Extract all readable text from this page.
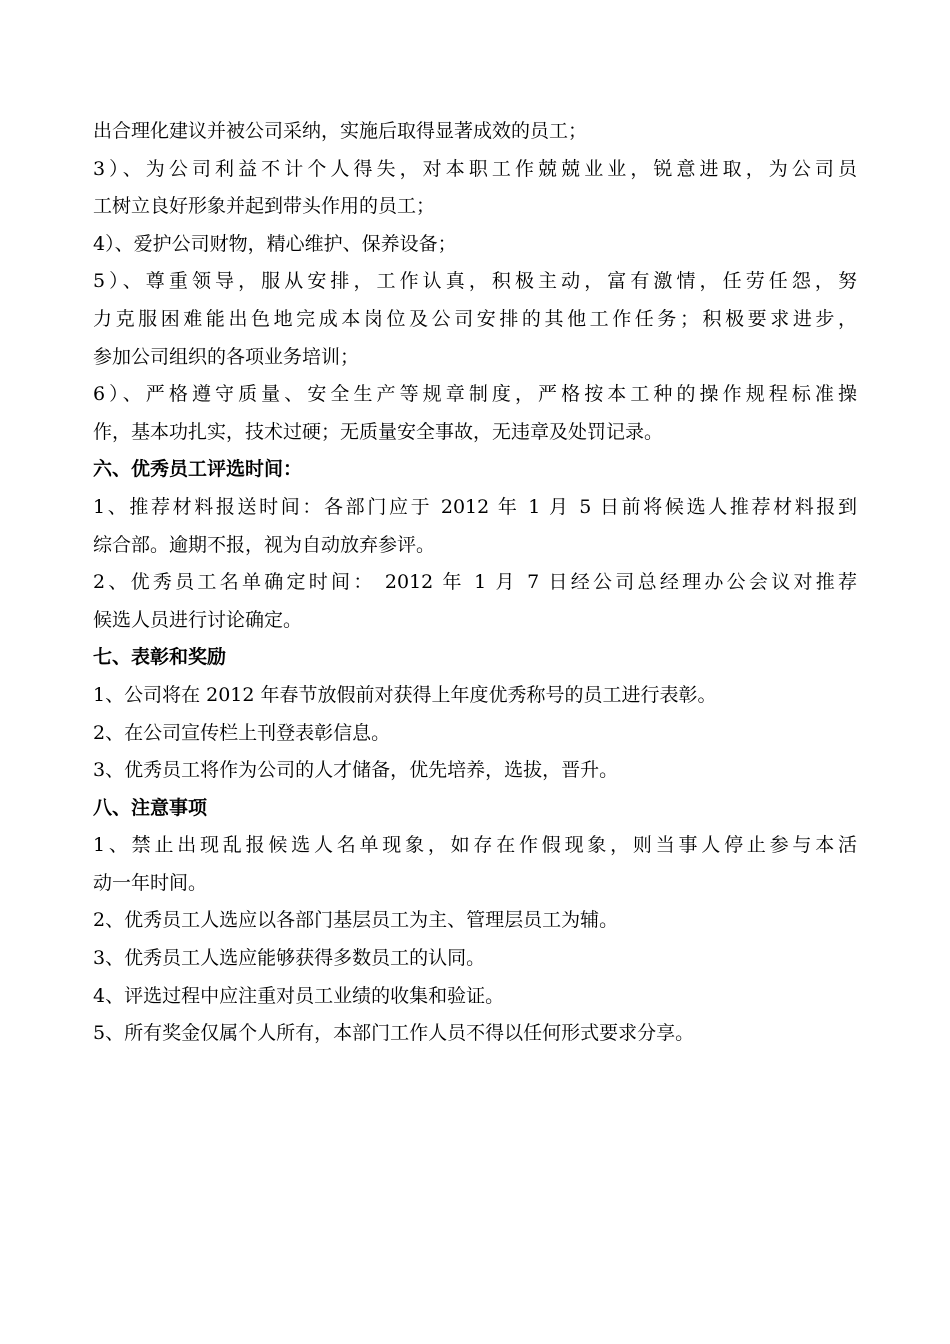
出合理化建议并被公司采纳，实施后取得显著成效的员工；
3）、为公司利益不计个人得失，对本职工作兢兢业业，锐意进取，为公司员
工树立良好形象并起到带头作用的员工；
4）、爱护公司财物，精心维护、保养设备；
5）、尊重领导，服从安排，工作认真，积极主动，富有激情，任劳任怨，努
力克服困难能出色地完成本岗位及公司安排的其他工作任务；积极要求进步，
参加公司组织的各项业务培训；
6）、严格遵守质量、安全生产等规章制度，严格按本工种的操作规程标准操
作，基本功扎实，技术过硬；无质量安全事故，无违章及处罚记录。
六、优秀员工评选时间：
1、推荐材料报送时间：各部门应于 2012 年 1 月 5 日前将候选人推荐材料报到
综合部。逾期不报，视为自动放弃参评。
2、优秀员工名单确定时间： 2012 年 1 月 7 日经公司总经理办公会议对推荐
候选人员进行讨论确定。
七、表彰和奖励
1、公司将在 2012 年春节放假前对获得上年度优秀称号的员工进行表彰。
2、在公司宣传栏上刊登表彰信息。
3、优秀员工将作为公司的人才储备，优先培养，选拔，晋升。
八、注意事项
1、禁止出现乱报候选人名单现象，如存在作假现象，则当事人停止参与本活
动一年时间。
2、优秀员工人选应以各部门基层员工为主、管理层员工为辅。
3、优秀员工人选应能够获得多数员工的认同。
4、评选过程中应注重对员工业绩的收集和验证。
5、所有奖金仅属个人所有，本部门工作人员不得以任何形式要求分享。
